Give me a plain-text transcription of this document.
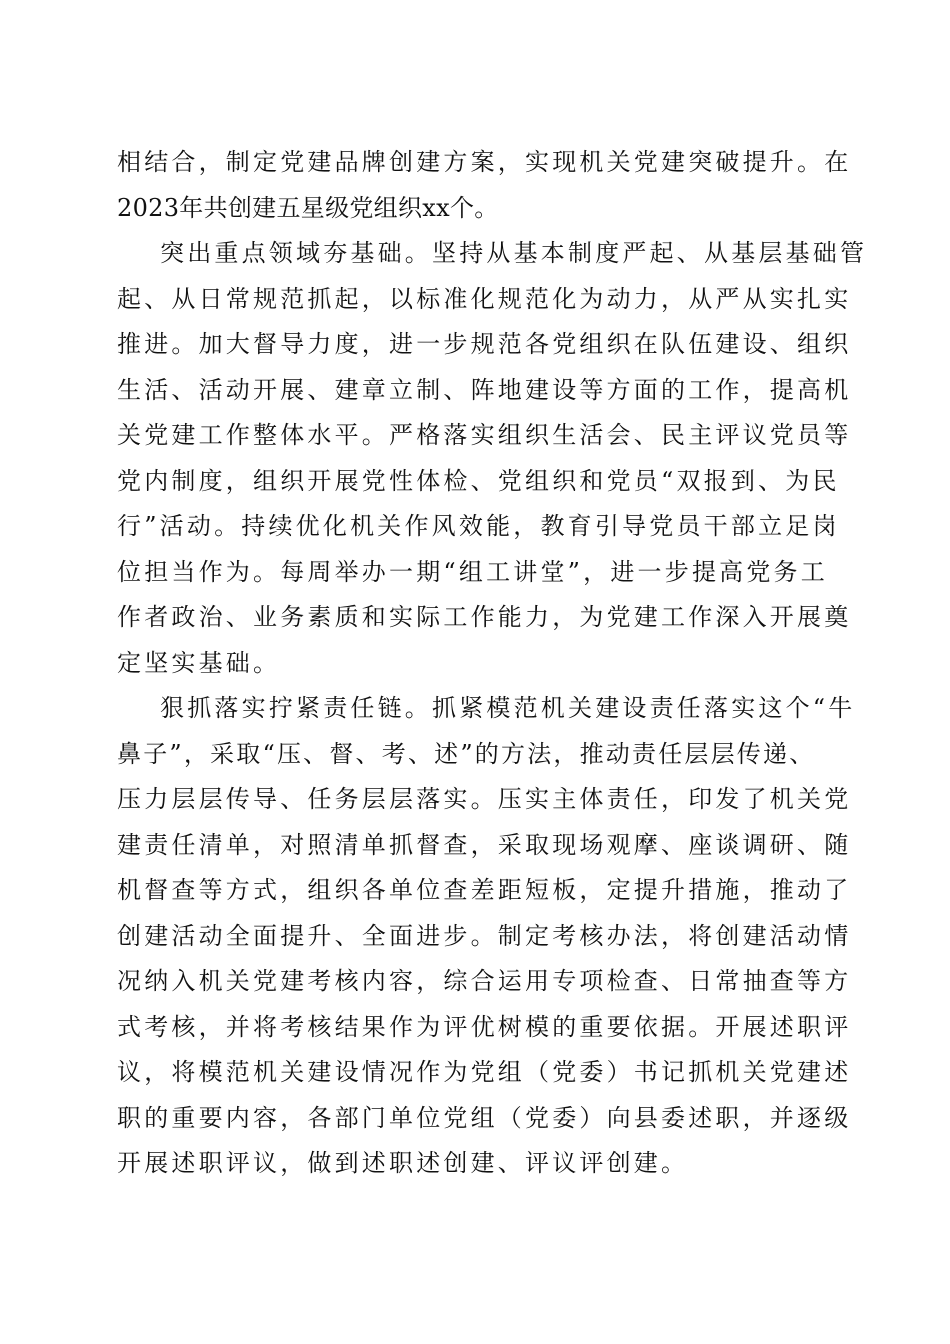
相结合，制定党建品牌创建方案，实现机关党建突破提升。在
2023年共创建五星级党组织xx个。
突出重点领域夯基础。坚持从基本制度严起、从基层基础管
起、从日常规范抓起，以标准化规范化为动力，从严从实扎实
推进。加大督导力度，进一步规范各党组织在队伍建设、组织
生活、活动开展、建章立制、阵地建设等方面的工作，提高机
关党建工作整体水平。严格落实组织生活会、民主评议党员等
党内制度，组织开展党性体检、党组织和党员“双报到、为民
行”活动。持续优化机关作风效能，教育引导党员干部立足岗
位担当作为。每周举办一期“组工讲堂”，进一步提高党务工
作者政治、业务素质和实际工作能力，为党建工作深入开展奠
定坚实基础。
狠抓落实拧紧责任链。抓紧模范机关建设责任落实这个“牛
鼻子”，采取“压、督、考、述”的方法，推动责任层层传递、
压力层层传导、任务层层落实。压实主体责任，印发了机关党
建责任清单，对照清单抓督查，采取现场观摩、座谈调研、随
机督查等方式，组织各单位查差距短板，定提升措施，推动了
创建活动全面提升、全面进步。制定考核办法，将创建活动情
况纳入机关党建考核内容，综合运用专项检查、日常抽查等方
式考核，并将考核结果作为评优树模的重要依据。开展述职评
议，将模范机关建设情况作为党组（党委）书记抓机关党建述
职的重要内容，各部门单位党组（党委）向县委述职，并逐级
开展述职评议，做到述职述创建、评议评创建。
